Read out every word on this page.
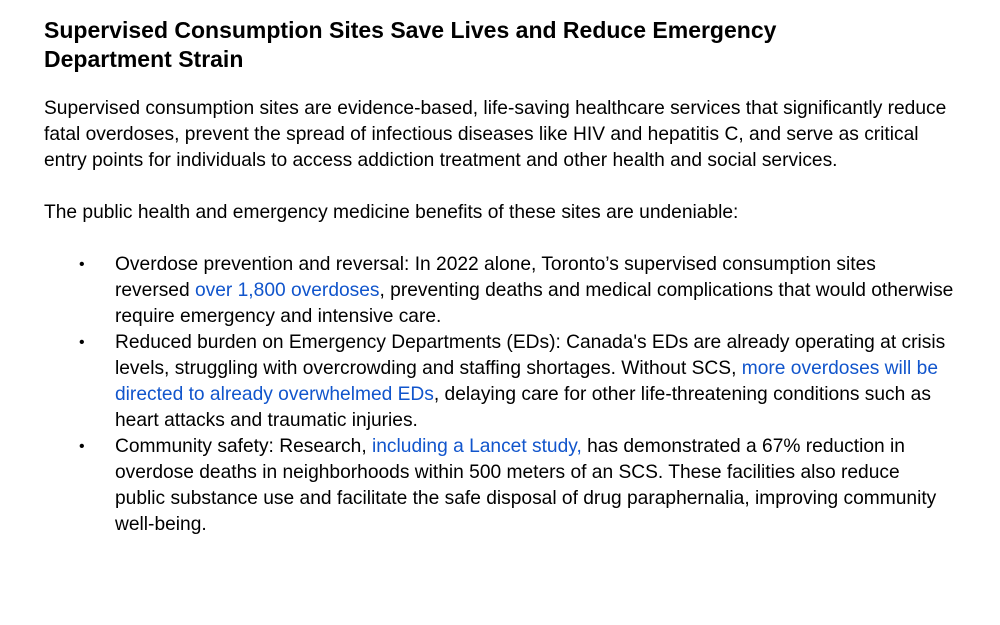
Supervised Consumption Sites Save Lives and Reduce Emergency Department Strain

Supervised consumption sites are evidence-based, life-saving healthcare services that significantly reduce fatal overdoses, prevent the spread of infectious diseases like HIV and hepatitis C, and serve as critical entry points for individuals to access addiction treatment and other health and social services.

The public health and emergency medicine benefits of these sites are undeniable:

• Overdose prevention and reversal: In 2022 alone, Toronto’s supervised consumption sites reversed over 1,800 overdoses, preventing deaths and medical complications that would otherwise require emergency and intensive care.
• Reduced burden on Emergency Departments (EDs): Canada's EDs are already operating at crisis levels, struggling with overcrowding and staffing shortages. Without SCS, more overdoses will be directed to already overwhelmed EDs, delaying care for other life-threatening conditions such as heart attacks and traumatic injuries.
• Community safety: Research, including a Lancet study, has demonstrated a 67% reduction in overdose deaths in neighborhoods within 500 meters of an SCS. These facilities also reduce public substance use and facilitate the safe disposal of drug paraphernalia, improving community well-being.
